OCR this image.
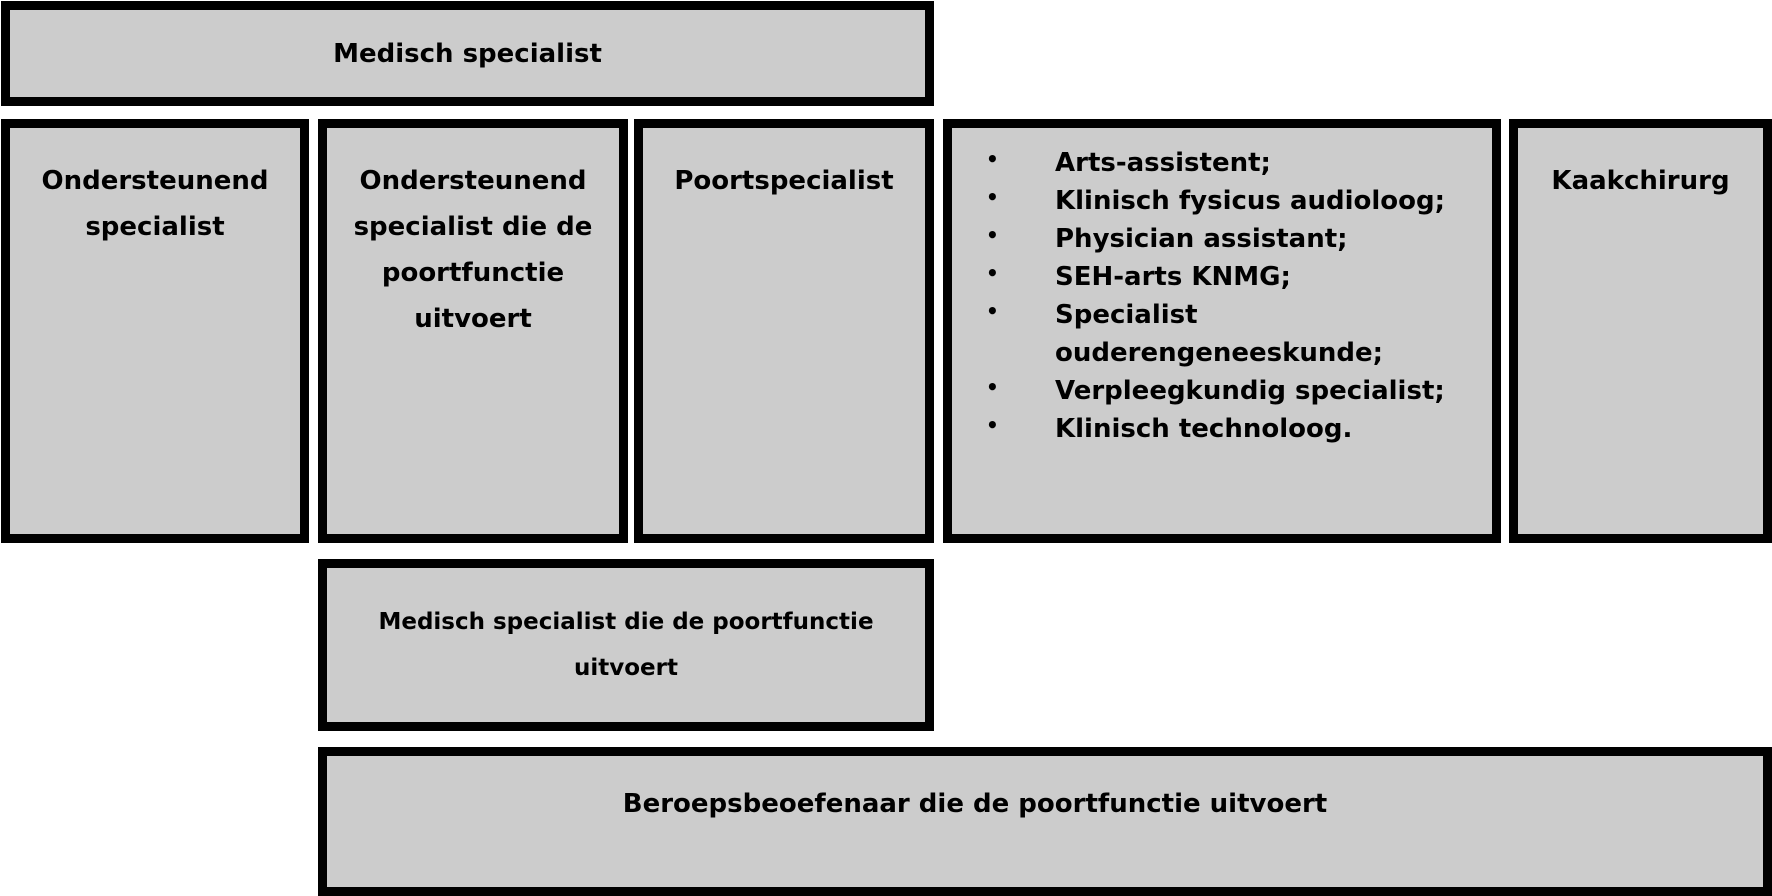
Medisch specialist
Ondersteunend specialist
Ondersteunend specialist die de poortfunctie uitvoert
Poortspecialist
• Arts-assistent;
• Klinisch fysicus audioloog;
• Physician assistant;
• SEH-arts KNMG;
• Specialist ouderengeneeskunde;
• Verpleegkundig specialist;
• Klinisch technoloog.
Kaakchirurg
Medisch specialist die de poortfunctie uitvoert
Beroepsbeoefenaar die de poortfunctie uitvoert
